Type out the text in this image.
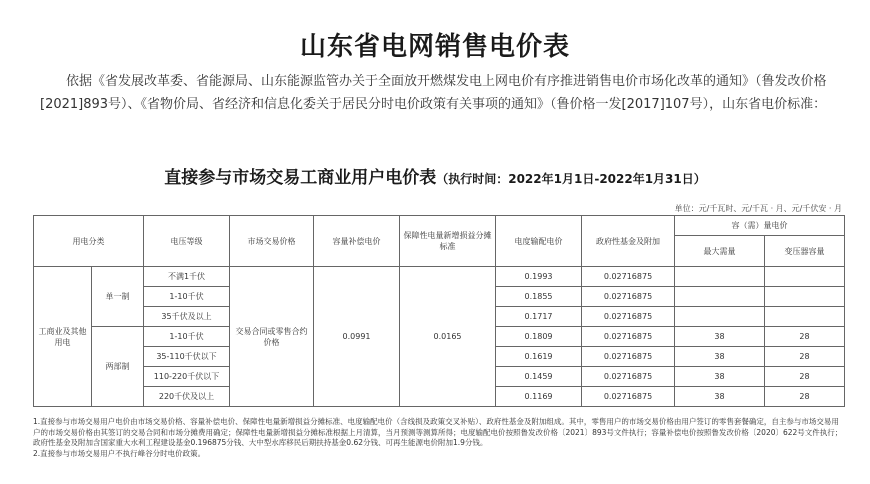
山东省电网销售电价表
依据《省发展改革委、省能源局、山东能源监管办关于全面放开燃煤发电上网电价有序推进销售电价市场化改革的通知》（鲁发改价格[2021]893号）、《省物价局、省经济和信息化委关于居民分时电价政策有关事项的通知》（鲁价格一发[2017]107号），山东省电价标准：
直接参与市场交易工商业用户电价表（执行时间：2022年1月1日-2022年1月31日）
单位：元/千瓦时、元/千瓦 · 月、元/千伏安 · 月
用电分类		电压等级	市场交易价格	容量补偿电价	保障性电量新增损益分摊标准	电度输配电价	政府性基金及附加	容（需）量电价	
								最大需量	变压器容量
工商业及其他用电	单一制	不满1千伏	交易合同或零售合约价格	0.0991	0.0165	0.1993	0.02716875		
		1-10千伏				0.1855	0.02716875		
		35千伏及以上				0.1717	0.02716875		
	两部制	1-10千伏				0.1809	0.02716875	38	28
		35-110千伏以下				0.1619	0.02716875	38	28
		110-220千伏以下				0.1459	0.02716875	38	28
		220千伏及以上				0.1169	0.02716875	38	28

1.直接参与市场交易用户电价由市场交易价格、容量补偿电价、保障性电量新增损益分摊标准、电度输配电价（含线损及政策交叉补贴）、政府性基金及附加组成。其中，零售用户的市场交易价格由用户签订的零售套餐确定，自主参与市场交易用户的市场交易价格由其签订的交易合同和市场分摊费用确定；保障性电量新增损益分摊标准根据上月清算，当月预测等测算所得；电度输配电价按照鲁发改价格〔2021〕893号文件执行；容量补偿电价按照鲁发改价格〔2020〕622号文件执行；政府性基金及附加含国家重大水利工程建设基金0.196875分钱、大中型水库移民后期扶持基金0.62分钱、可再生能源电价附加1.9分钱。

2.直接参与市场交易用户不执行峰谷分时电价政策。
